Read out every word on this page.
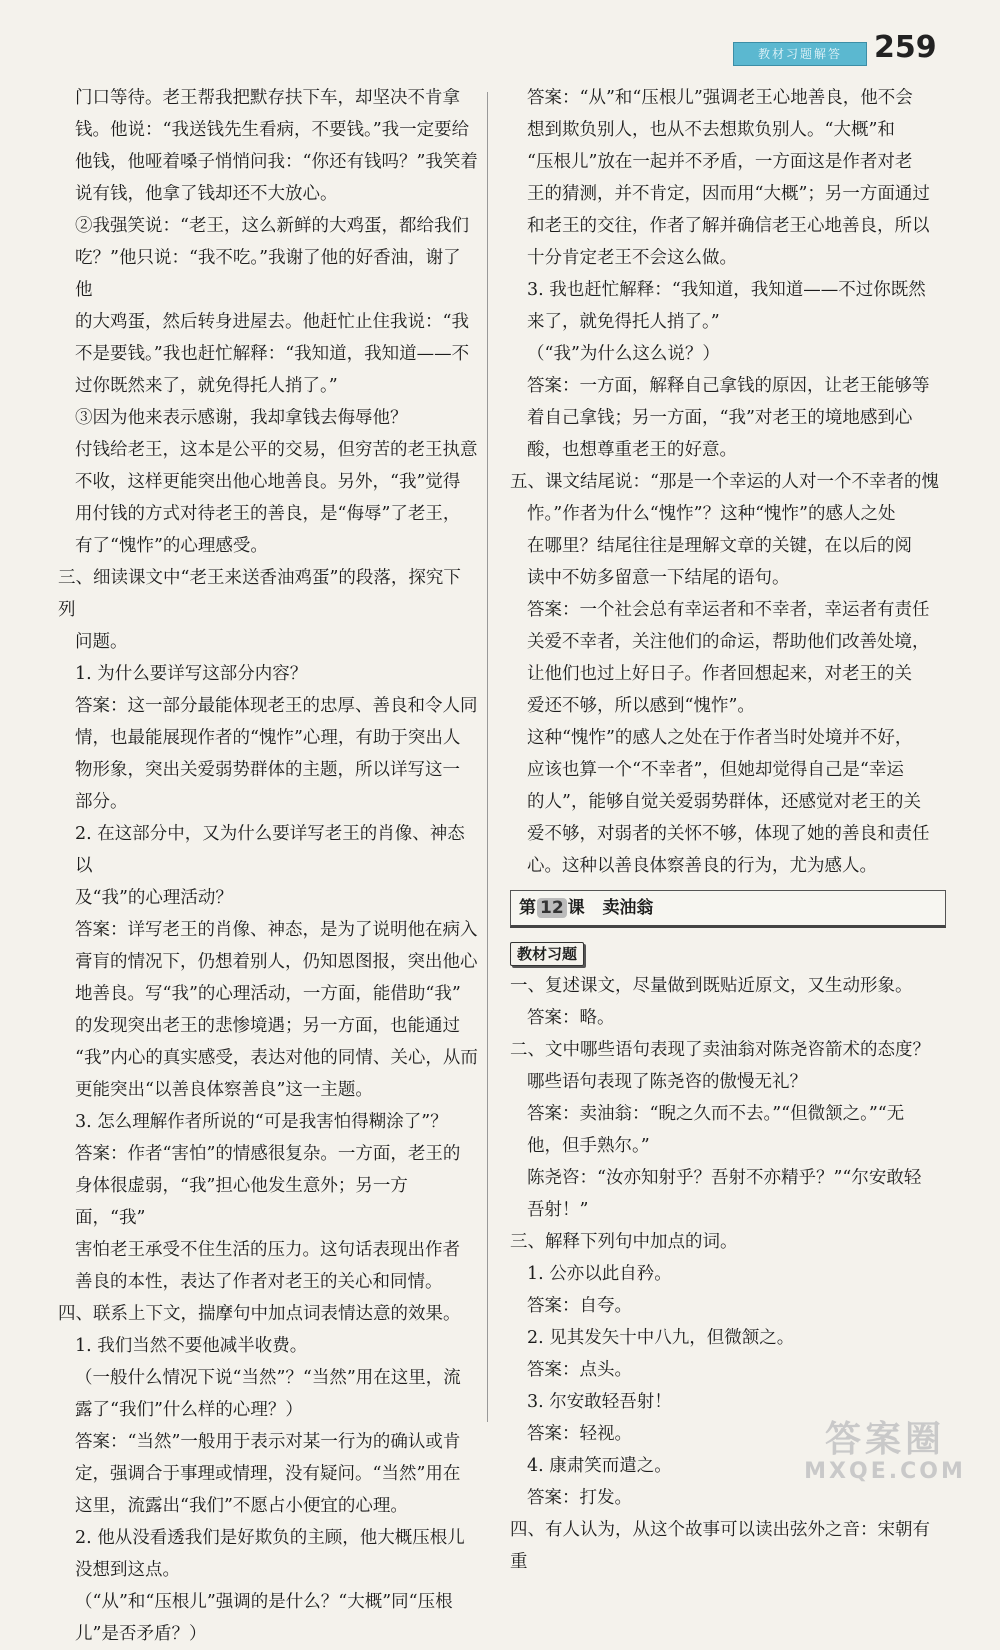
教材习题解答	259

门口等待。老王帮我把默存扶下车，却坚决不肯拿

钱。他说：“我送钱先生看病，不要钱。”我一定要给

他钱，他哑着嗓子悄悄问我：“你还有钱吗？”我笑着

说有钱，他拿了钱却还不大放心。

②我强笑说：“老王，这么新鲜的大鸡蛋，都给我们

吃？”他只说：“我不吃。”我谢了他的好香油，谢了他

的大鸡蛋，然后转身进屋去。他赶忙止住我说：“我

不是要钱。”我也赶忙解释：“我知道，我知道——不

过你既然来了，就免得托人捎了。”

③因为他来表示感谢，我却拿钱去侮辱他？

付钱给老王，这本是公平的交易，但穷苦的老王执意

不收，这样更能突出他心地善良。另外，“我”觉得

用付钱的方式对待老王的善良，是“侮辱”了老王，

有了“愧怍”的心理感受。

三、细读课文中“老王来送香油鸡蛋”的段落，探究下列

问题。

1. 为什么要详写这部分内容？

答案：这一部分最能体现老王的忠厚、善良和令人同

情，也最能展现作者的“愧怍”心理，有助于突出人

物形象，突出关爱弱势群体的主题，所以详写这一

部分。

2. 在这部分中，又为什么要详写老王的肖像、神态以

及“我”的心理活动？

答案：详写老王的肖像、神态，是为了说明他在病入

膏肓的情况下，仍想着别人，仍知恩图报，突出他心

地善良。写“我”的心理活动，一方面，能借助“我”

的发现突出老王的悲惨境遇；另一方面，也能通过

“我”内心的真实感受，表达对他的同情、关心，从而

更能突出“以善良体察善良”这一主题。

3. 怎么理解作者所说的“可是我害怕得糊涂了”？

答案：作者“害怕”的情感很复杂。一方面，老王的

身体很虚弱，“我”担心他发生意外；另一方面，“我”

害怕老王承受不住生活的压力。这句话表现出作者

善良的本性，表达了作者对老王的关心和同情。

四、联系上下文，揣摩句中加点词表情达意的效果。

1. 我们当然不要他减半收费。

（一般什么情况下说“当然”？“当然”用在这里，流

露了“我们”什么样的心理？）

答案：“当然”一般用于表示对某一行为的确认或肯

定，强调合于事理或情理，没有疑问。“当然”用在

这里，流露出“我们”不愿占小便宜的心理。

2. 他从没看透我们是好欺负的主顾，他大概压根儿

没想到这点。

（“从”和“压根儿”强调的是什么？“大概”同“压根

儿”是否矛盾？）

答案：“从”和“压根儿”强调老王心地善良，他不会

想到欺负别人，也从不去想欺负别人。“大概”和

“压根儿”放在一起并不矛盾，一方面这是作者对老

王的猜测，并不肯定，因而用“大概”；另一方面通过

和老王的交往，作者了解并确信老王心地善良，所以

十分肯定老王不会这么做。

3. 我也赶忙解释：“我知道，我知道——不过你既然

来了，就免得托人捎了。”

（“我”为什么这么说？）

答案：一方面，解释自己拿钱的原因，让老王能够等

着自己拿钱；另一方面，“我”对老王的境地感到心

酸，也想尊重老王的好意。

五、课文结尾说：“那是一个幸运的人对一个不幸者的愧

怍。”作者为什么“愧怍”？这种“愧怍”的感人之处

在哪里？结尾往往是理解文章的关键，在以后的阅

读中不妨多留意一下结尾的语句。

答案：一个社会总有幸运者和不幸者，幸运者有责任

关爱不幸者，关注他们的命运，帮助他们改善处境，

让他们也过上好日子。作者回想起来，对老王的关

爱还不够，所以感到“愧怍”。

这种“愧怍”的感人之处在于作者当时处境并不好，

应该也算一个“不幸者”，但她却觉得自己是“幸运

的人”，能够自觉关爱弱势群体，还感觉对老王的关

爱不够，对弱者的关怀不够，体现了她的善良和责任

心。这种以善良体察善良的行为，尤为感人。

第 12 课 卖油翁
教材习题

一、复述课文，尽量做到既贴近原文，又生动形象。

答案：略。

二、文中哪些语句表现了卖油翁对陈尧咨箭术的态度？

哪些语句表现了陈尧咨的傲慢无礼？

答案：卖油翁：“睨之久而不去。”“但微颔之。”“无

他，但手熟尔。”

陈尧咨：“汝亦知射乎？吾射不亦精乎？”“尔安敢轻

吾射！”

三、解释下列句中加点的词。

1. 公亦以此自矜。

答案：自夸。

2. 见其发矢十中八九，但微颔之。

答案：点头。

3. 尔安敢轻吾射！

答案：轻视。

4. 康肃笑而遣之。

答案：打发。

四、有人认为，从这个故事可以读出弦外之音：宋朝有重

答案圈
MXQE.COM
